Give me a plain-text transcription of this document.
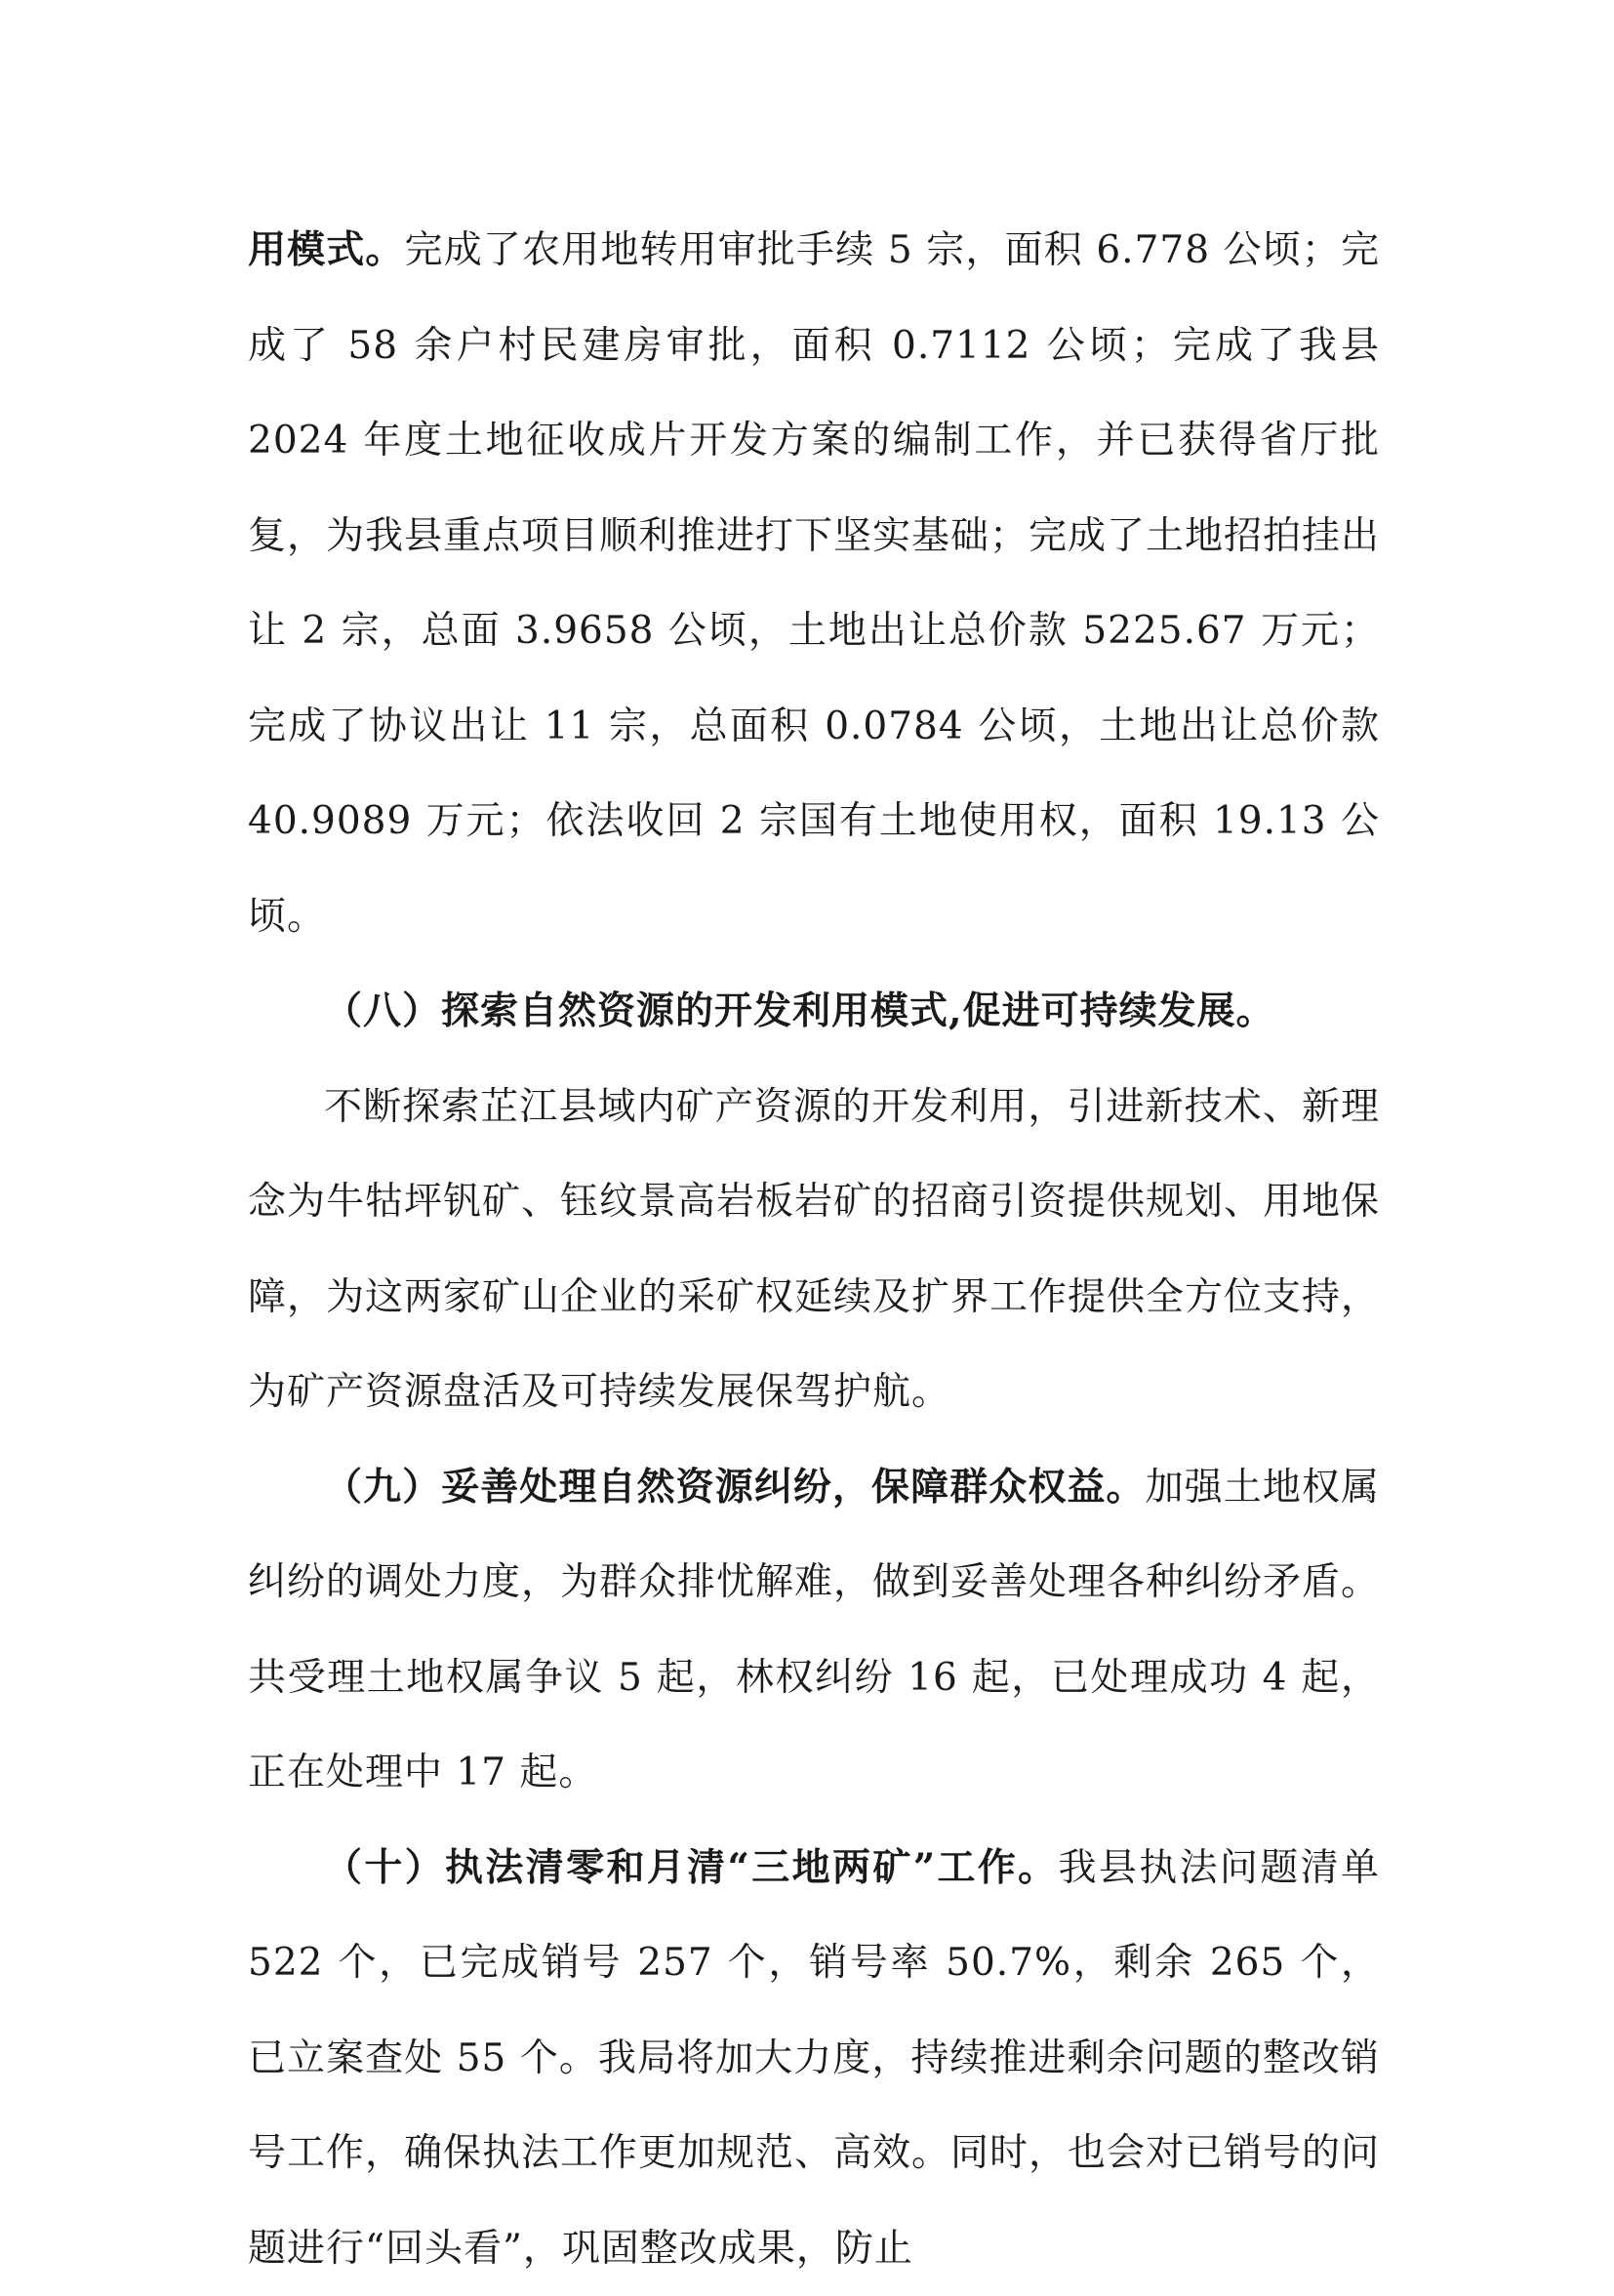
用模式。完成了农用地转用审批手续 5 宗，面积 6.778 公顷；完成了 58 余户村民建房审批，面积 0.7112 公顷；完成了我县 2024 年度土地征收成片开发方案的编制工作，并已获得省厅批复，为我县重点项目顺利推进打下坚实基础；完成了土地招拍挂出让 2 宗，总面 3.9658 公顷，土地出让总价款 5225.67 万元；完成了协议出让 11 宗，总面积 0.0784 公顷，土地出让总价款 40.9089 万元；依法收回 2 宗国有土地使用权，面积 19.13 公顷。

（八）探索自然资源的开发利用模式,促进可持续发展。

不断探索芷江县域内矿产资源的开发利用，引进新技术、新理念为牛牯坪钒矿、钰纹景高岩板岩矿的招商引资提供规划、用地保障，为这两家矿山企业的采矿权延续及扩界工作提供全方位支持，为矿产资源盘活及可持续发展保驾护航。

（九）妥善处理自然资源纠纷，保障群众权益。加强土地权属纠纷的调处力度，为群众排忧解难，做到妥善处理各种纠纷矛盾。共受理土地权属争议 5 起，林权纠纷 16 起，已处理成功 4 起，正在处理中 17 起。

（十）执法清零和月清“三地两矿”工作。我县执法问题清单 522 个，已完成销号 257 个，销号率 50.7%，剩余 265 个，已立案查处 55 个。我局将加大力度，持续推进剩余问题的整改销号工作，确保执法工作更加规范、高效。同时，也会对已销号的问题进行“回头看”，巩固整改成果，防止
